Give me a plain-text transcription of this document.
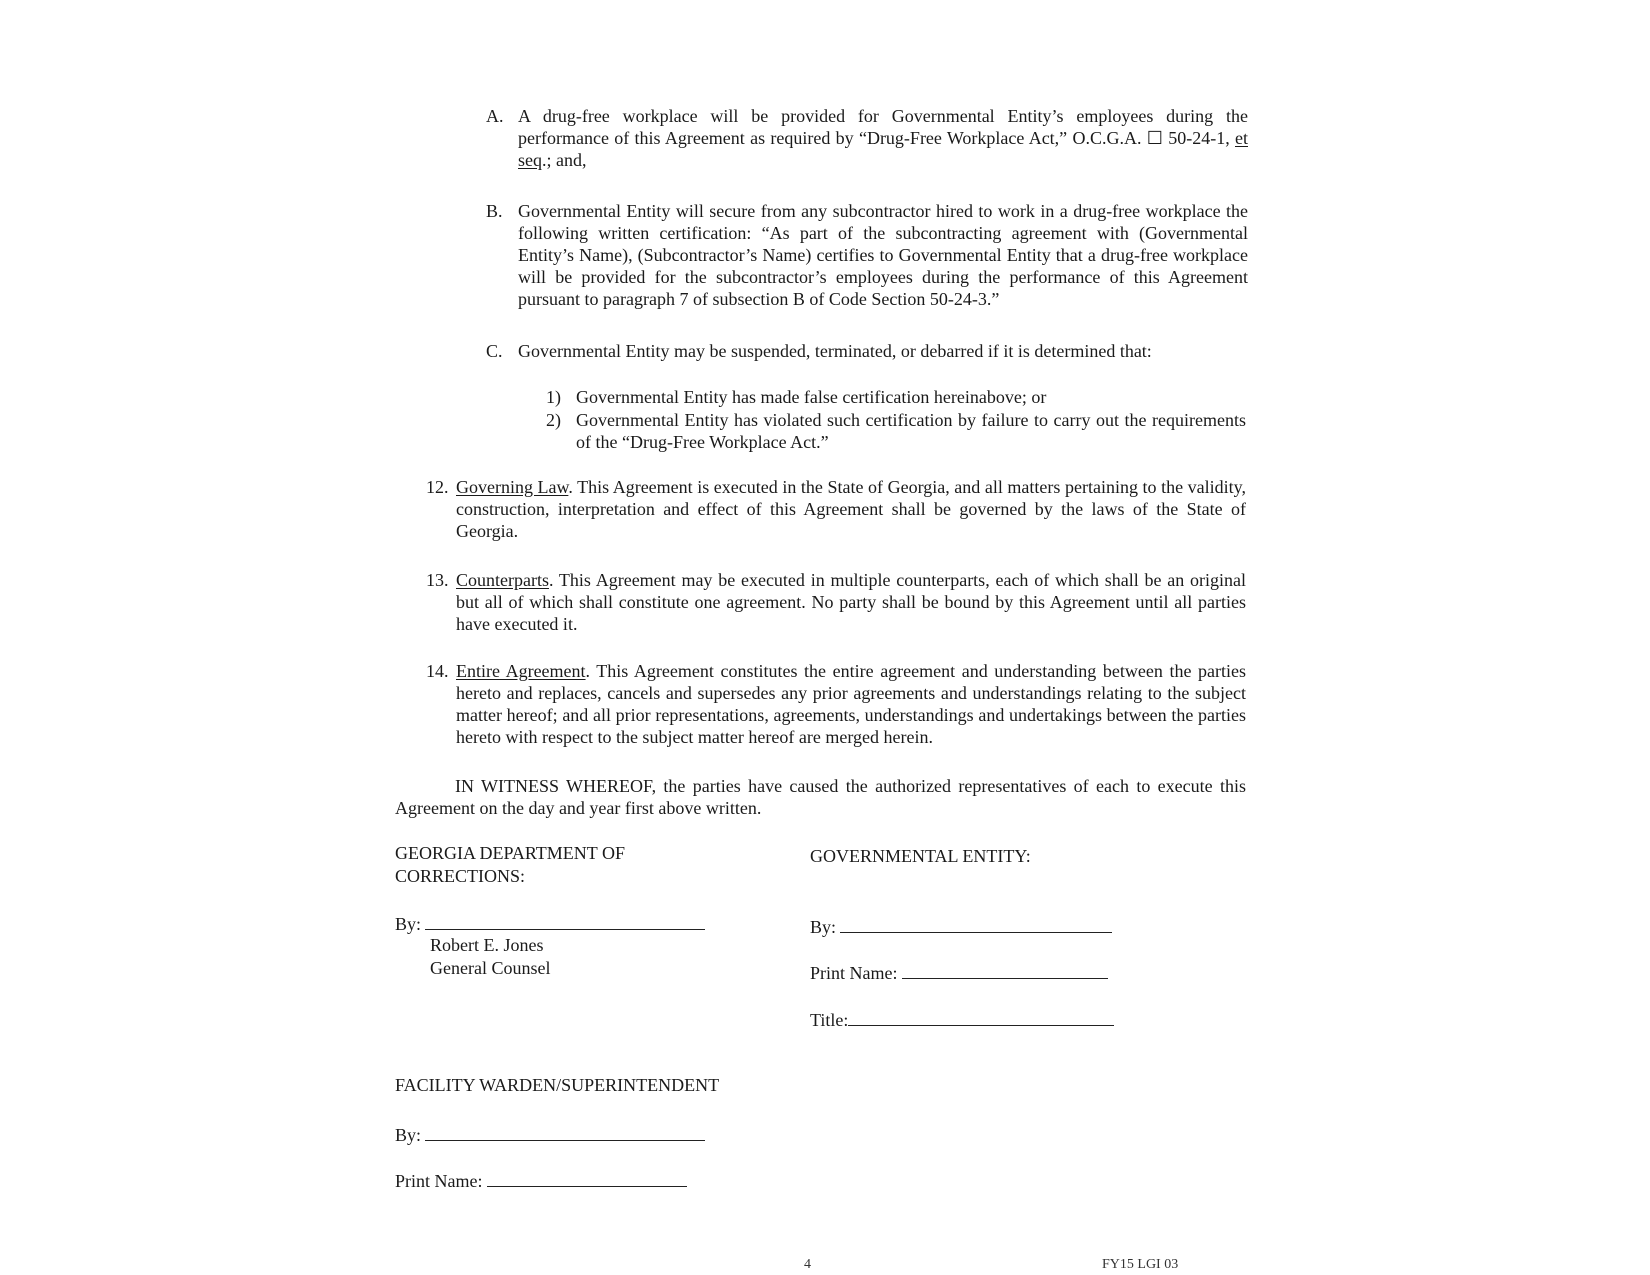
A. A drug-free workplace will be provided for Governmental Entity’s employees during the performance of this Agreement as required by “Drug-Free Workplace Act,” O.C.G.A. ☐ 50-24-1, et seq.; and,
B. Governmental Entity will secure from any subcontractor hired to work in a drug-free workplace the following written certification: “As part of the subcontracting agreement with (Governmental Entity’s Name), (Subcontractor’s Name) certifies to Governmental Entity that a drug-free workplace will be provided for the subcontractor’s employees during the performance of this Agreement pursuant to paragraph 7 of subsection B of Code Section 50-24-3.”
C. Governmental Entity may be suspended, terminated, or debarred if it is determined that:
1) Governmental Entity has made false certification hereinabove; or
2) Governmental Entity has violated such certification by failure to carry out the requirements of the “Drug-Free Workplace Act.”
12. Governing Law. This Agreement is executed in the State of Georgia, and all matters pertaining to the validity, construction, interpretation and effect of this Agreement shall be governed by the laws of the State of Georgia.
13. Counterparts. This Agreement may be executed in multiple counterparts, each of which shall be an original but all of which shall constitute one agreement. No party shall be bound by this Agreement until all parties have executed it.
14. Entire Agreement. This Agreement constitutes the entire agreement and understanding between the parties hereto and replaces, cancels and supersedes any prior agreements and understandings relating to the subject matter hereof; and all prior representations, agreements, understandings and undertakings between the parties hereto with respect to the subject matter hereof are merged herein.
IN WITNESS WHEREOF, the parties have caused the authorized representatives of each to execute this Agreement on the day and year first above written.
GEORGIA DEPARTMENT OF
CORRECTIONS:
By:
Robert E. Jones
General Counsel
GOVERNMENTAL ENTITY:
By:
Print Name:
Title:
FACILITY WARDEN/SUPERINTENDENT
By:
Print Name:
4	FY15 LGI 03
